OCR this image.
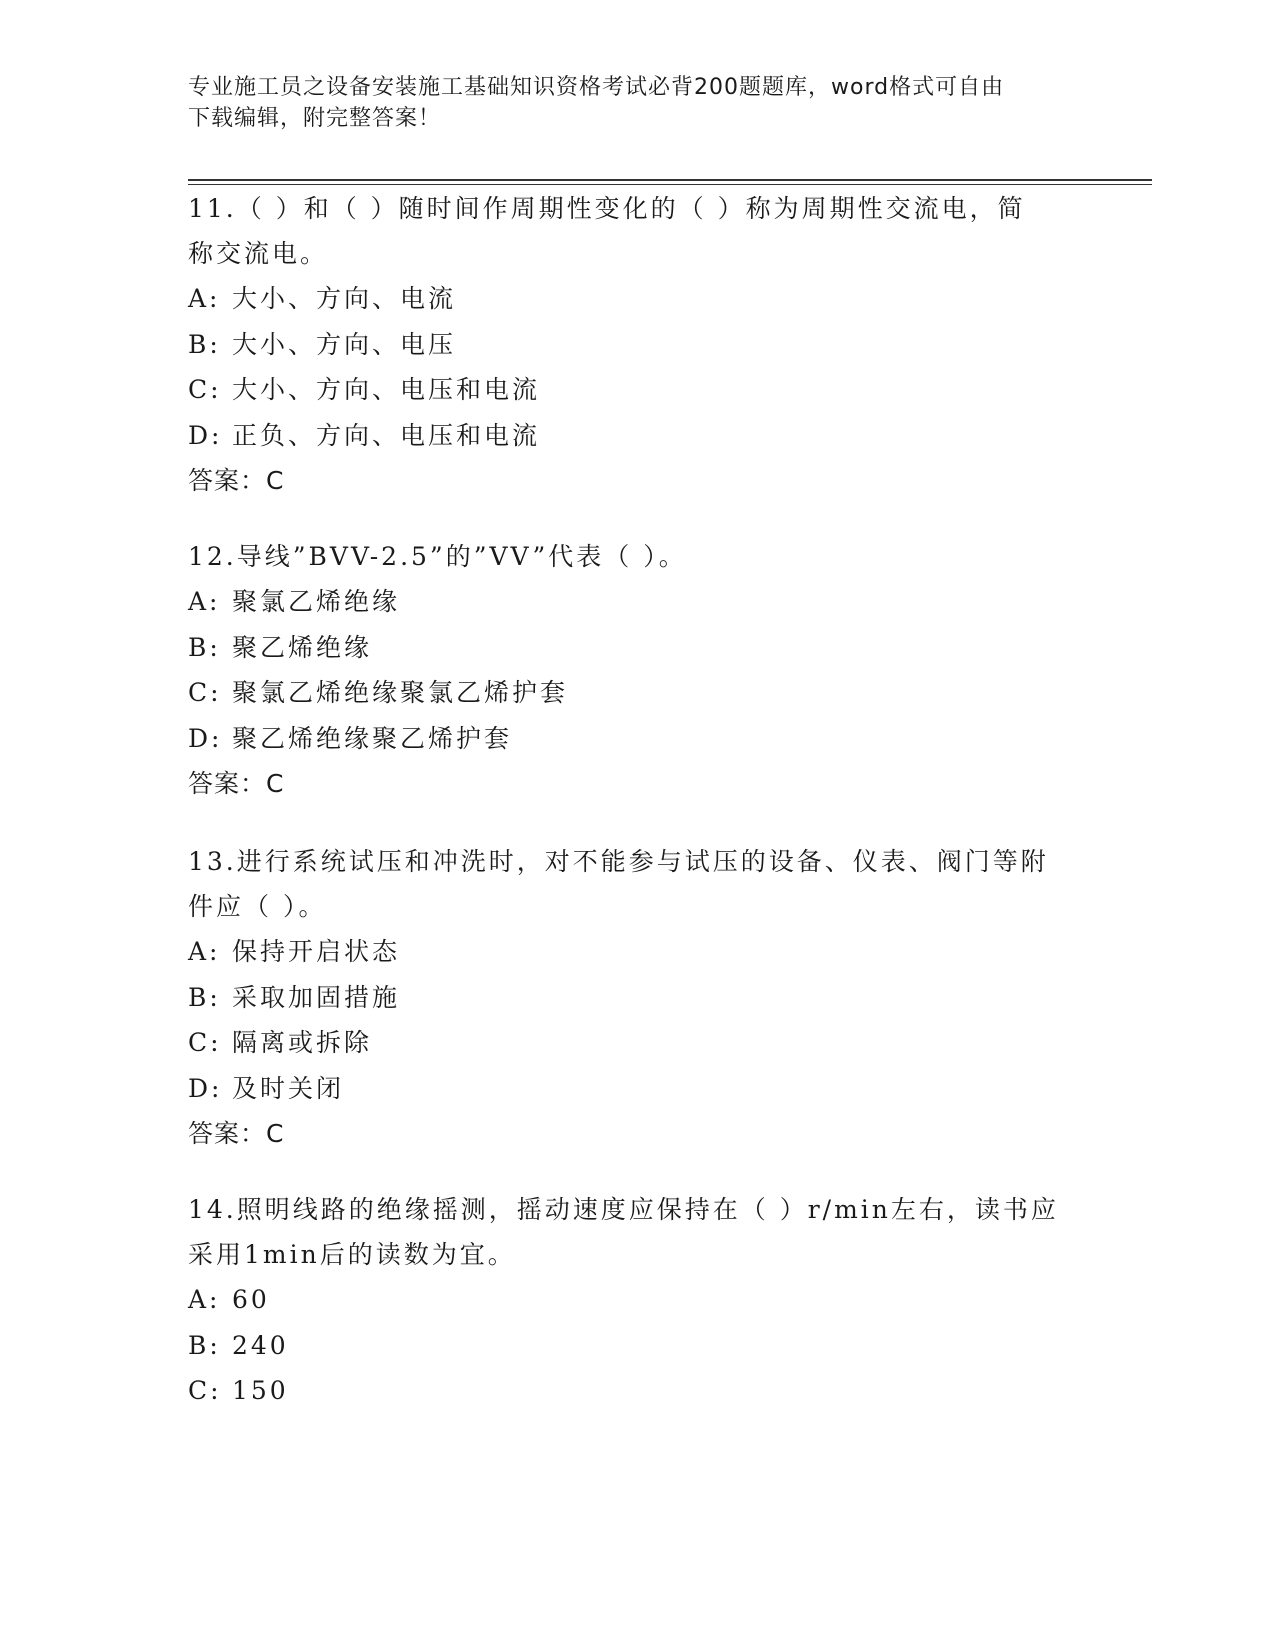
专业施工员之设备安装施工基础知识资格考试必背200题题库，word格式可自由
下载编辑，附完整答案！
11.（ ）和（ ）随时间作周期性变化的（ ）称为周期性交流电，简
称交流电。
A: 大小、方向、电流
B: 大小、方向、电压
C: 大小、方向、电压和电流
D: 正负、方向、电压和电流
答案：C
12.导线”BVV-2.5”的”VV”代表（ ）。
A: 聚氯乙烯绝缘
B: 聚乙烯绝缘
C: 聚氯乙烯绝缘聚氯乙烯护套
D: 聚乙烯绝缘聚乙烯护套
答案：C
13.进行系统试压和冲洗时，对不能参与试压的设备、仪表、阀门等附
件应（ ）。
A: 保持开启状态
B: 采取加固措施
C: 隔离或拆除
D: 及时关闭
答案：C
14.照明线路的绝缘摇测，摇动速度应保持在（ ）r/min左右，读书应
采用1min后的读数为宜。
A: 60
B: 240
C: 150
